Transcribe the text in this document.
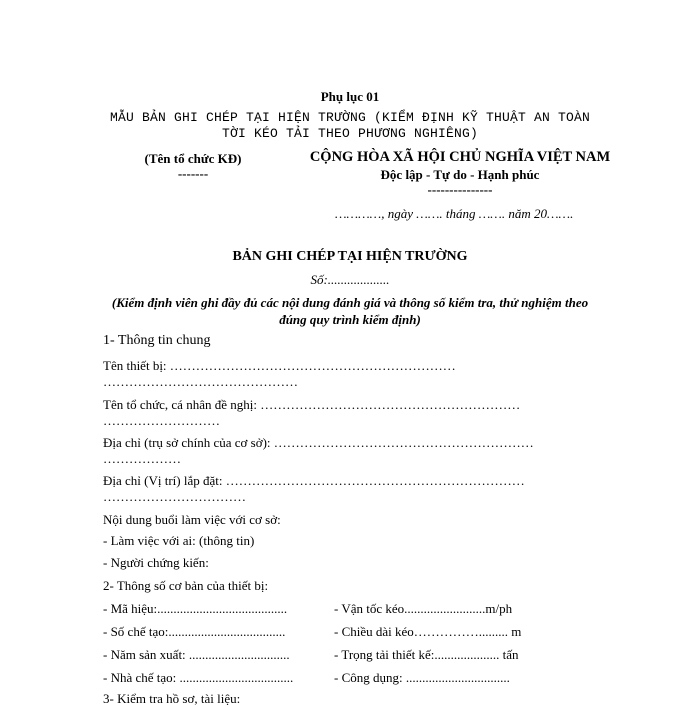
Phụ lục 01
MẪU BẢN GHI CHÉP TẠI HIỆN TRƯỜNG (KIỂM ĐỊNH KỸ THUẬT AN TOÀN
TỜI KÉO TẢI THEO PHƯƠNG NGHIÊNG)
(Tên tổ chức KĐ)
-------
CỘNG HÒA XÃ HỘI CHỦ NGHĨA VIỆT NAM
Độc lập - Tự do - Hạnh phúc
---------------
…………, ngày ……. tháng ……. năm 20…….
BẢN GHI CHÉP TẠI HIỆN TRƯỜNG
Số:...................
(Kiểm định viên ghi đầy đủ các nội dung đánh giá và thông số kiểm tra, thử nghiệm theo
đúng quy trình kiểm định)
1- Thông tin chung
Tên thiết bị: …………………………………………………………
………………………………………
Tên tổ chức, cá nhân đề nghị: ……………………………………………………
………………………
Địa chỉ (trụ sở chính của cơ sở): ……………………………………………………
………………
Địa chỉ (Vị trí) lắp đặt: ……………………………………………………………
……………………………
Nội dung buổi làm việc với cơ sở:
- Làm việc với ai: (thông tin)
- Người chứng kiến:
2- Thông số cơ bản của thiết bị:
- Mã hiệu:........................................
- Số chế tạo:....................................
- Năm sản xuất: ...............................
- Nhà chế tạo: ...................................
- Vận tốc kéo.........................m/ph
- Chiều dài kéo……………......... m
- Trọng tải thiết kế:.................... tấn
- Công dụng: ................................
3- Kiểm tra hồ sơ, tài liệu:
